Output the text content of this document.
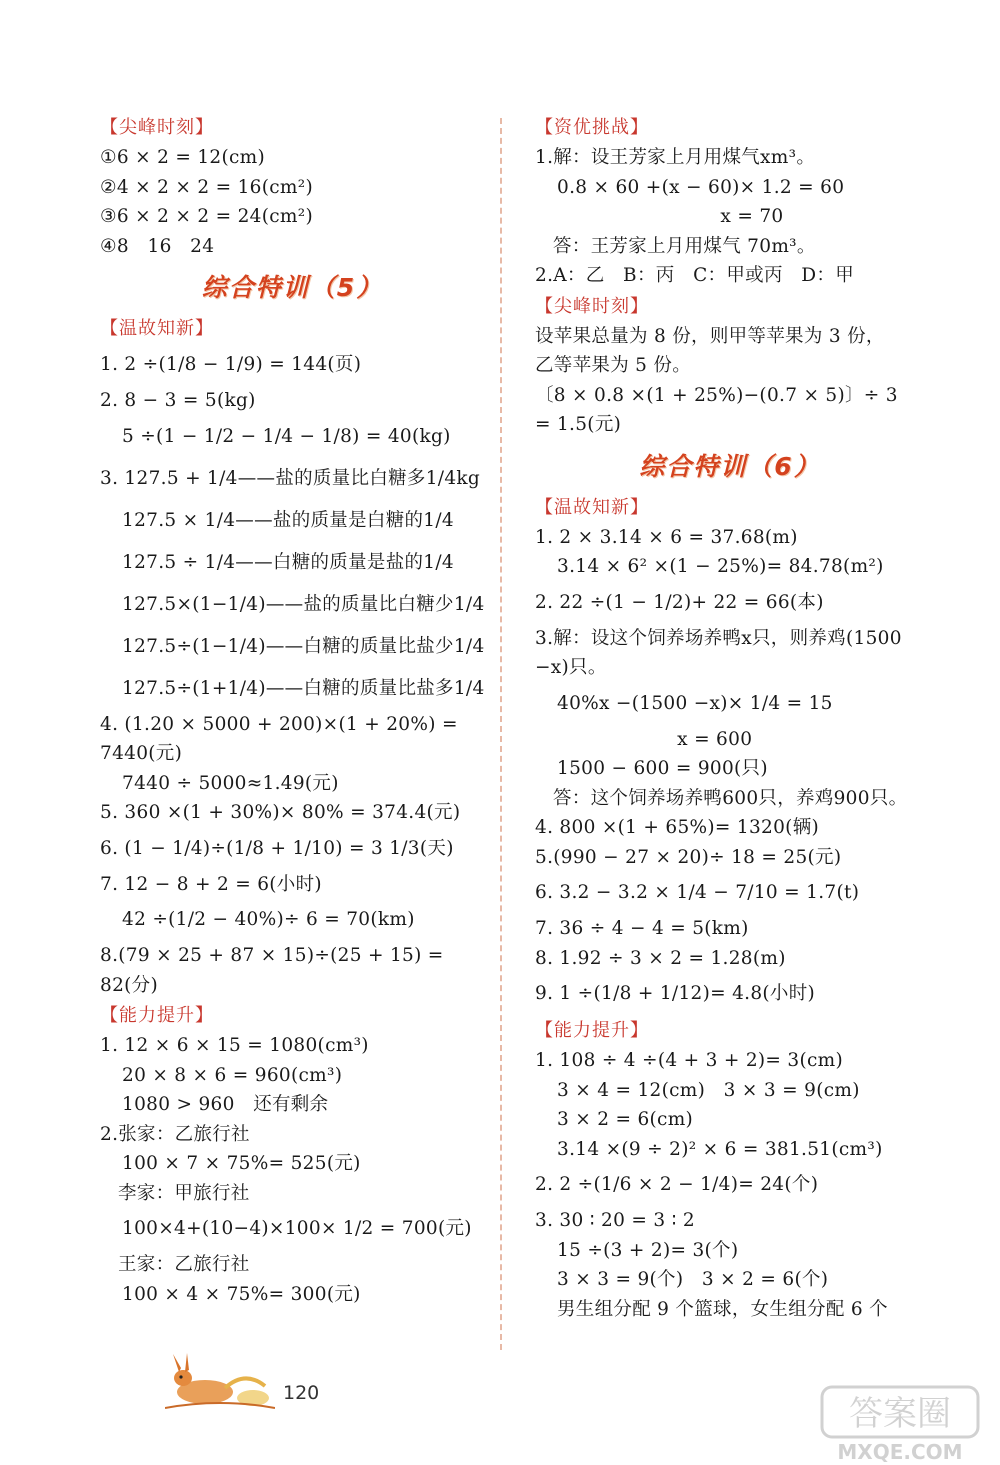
【尖峰时刻】
①6 × 2 = 12(cm)
②4 × 2 × 2 = 16(cm²)
③6 × 2 × 2 = 24(cm²)
④8   16   24
综合特训（5）
【温故知新】
1. 2 ÷(1/8 − 1/9) = 144(页)
2. 8 − 3 = 5(kg)
5 ÷(1 − 1/2 − 1/4 − 1/8) = 40(kg)
3. 127.5 + 1/4——盐的质量比白糖多1/4kg
127.5 × 1/4——盐的质量是白糖的1/4
127.5 ÷ 1/4——白糖的质量是盐的1/4
127.5×(1−1/4)——盐的质量比白糖少1/4
127.5÷(1−1/4)——白糖的质量比盐少1/4
127.5÷(1+1/4)——白糖的质量比盐多1/4
4. (1.20 × 5000 + 200)×(1 + 20%) =
7440(元)
7440 ÷ 5000≈1.49(元)
5. 360 ×(1 + 30%)× 80% = 374.4(元)
6. (1 − 1/4)÷(1/8 + 1/10) = 3 1/3(天)
7. 12 − 8 + 2 = 6(小时)
42 ÷(1/2 − 40%)÷ 6 = 70(km)
8.(79 × 25 + 87 × 15)÷(25 + 15) =
82(分)
【能力提升】
1. 12 × 6 × 15 = 1080(cm³)
20 × 8 × 6 = 960(cm³)
1080 > 960   还有剩余
2.张家：乙旅行社
100 × 7 × 75%= 525(元)
李家：甲旅行社
100×4+(10−4)×100× 1/2 = 700(元)
王家：乙旅行社
100 × 4 × 75%= 300(元)
【资优挑战】
1.解：设王芳家上月用煤气xm³。
0.8 × 60 +(x − 60)× 1.2 = 60
x = 70
答：王芳家上月用煤气 70m³。
2.A：乙   B：丙   C：甲或丙   D：甲
【尖峰时刻】
设苹果总量为 8 份，则甲等苹果为 3 份，
乙等苹果为 5 份。
〔8 × 0.8 ×(1 + 25%)−(0.7 × 5)〕÷ 3
= 1.5(元)
综合特训（6）
【温故知新】
1. 2 × 3.14 × 6 = 37.68(m)
3.14 × 6² ×(1 − 25%)= 84.78(m²)
2. 22 ÷(1 − 1/2)+ 22 = 66(本)
3.解：设这个饲养场养鸭x只，则养鸡(1500
−x)只。
40%x −(1500 −x)× 1/4 = 15
x = 600
1500 − 600 = 900(只)
答：这个饲养场养鸭600只，养鸡900只。
4. 800 ×(1 + 65%)= 1320(辆)
5.(990 − 27 × 20)÷ 18 = 25(元)
6. 3.2 − 3.2 × 1/4 − 7/10 = 1.7(t)
7. 36 ÷ 4 − 4 = 5(km)
8. 1.92 ÷ 3 × 2 = 1.28(m)
9. 1 ÷(1/8 + 1/12)= 4.8(小时)
【能力提升】
1. 108 ÷ 4 ÷(4 + 3 + 2)= 3(cm)
3 × 4 = 12(cm)   3 × 3 = 9(cm)
3 × 2 = 6(cm)
3.14 ×(9 ÷ 2)² × 6 = 381.51(cm³)
2. 2 ÷(1/6 × 2 − 1/4)= 24(个)
3. 30 ∶ 20 = 3 ∶ 2
15 ÷(3 + 2)= 3(个)
3 × 3 = 9(个)   3 × 2 = 6(个)
男生组分配 9 个篮球，女生组分配 6 个
120
答案圈
MXQE.COM
